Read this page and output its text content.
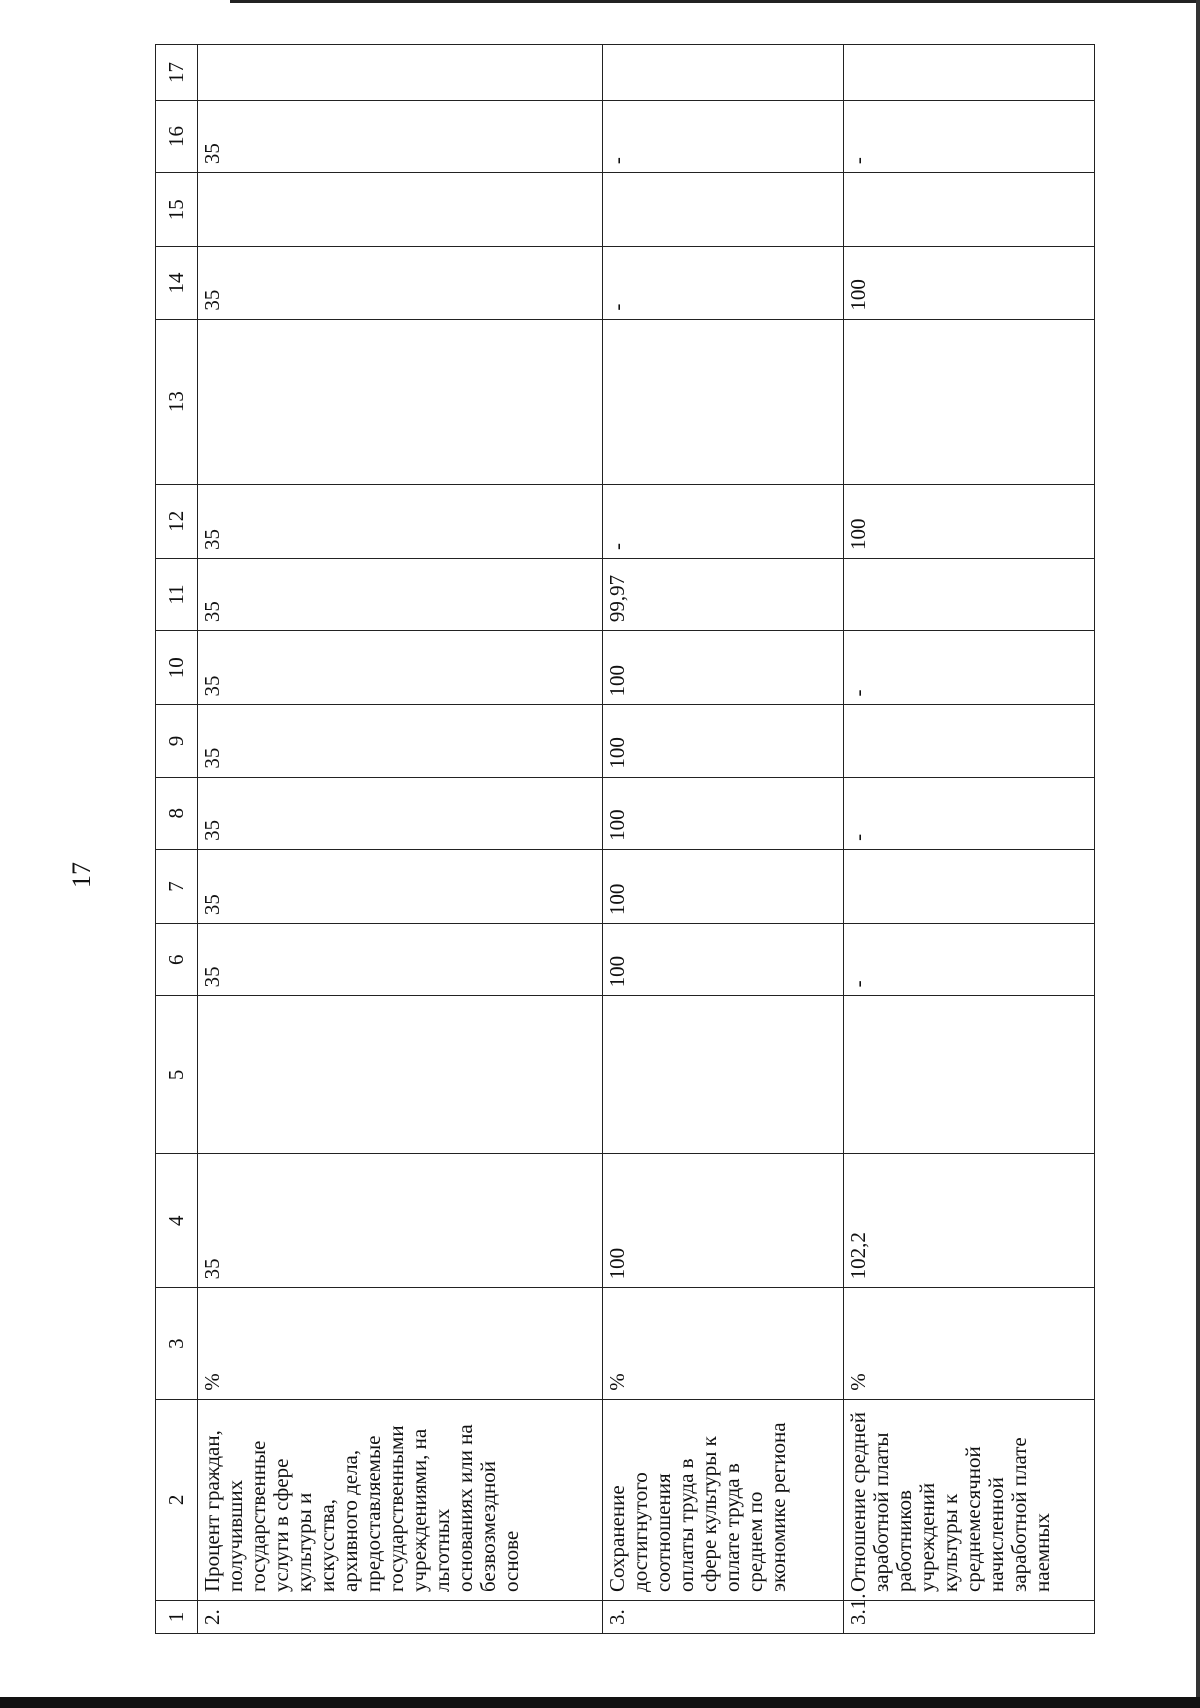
17
1	2	3	4	5	6	7	8	9	10	11	12	13	14	15	16	17
2.	Процент граждан, получивших государственные услуги в сфере культуры и искусства, архивного дела, предоставляемые государственными учреждениями, на льготных основаниях или на безвозмездной основе	%	35		35	35	35	35	35	35	35		35		35	
3.	Сохранение достигнутого соотношения оплаты труда в сфере культуры к оплате труда в среднем по экономике региона	%	100		100	100	100	100	100	99,97	-		-		-	
3.1.	Отношение средней заработной платы работников учреждений культуры к среднемесячной начисленной заработной плате наемных	%	102,2		-		-		-		100		100		-	
